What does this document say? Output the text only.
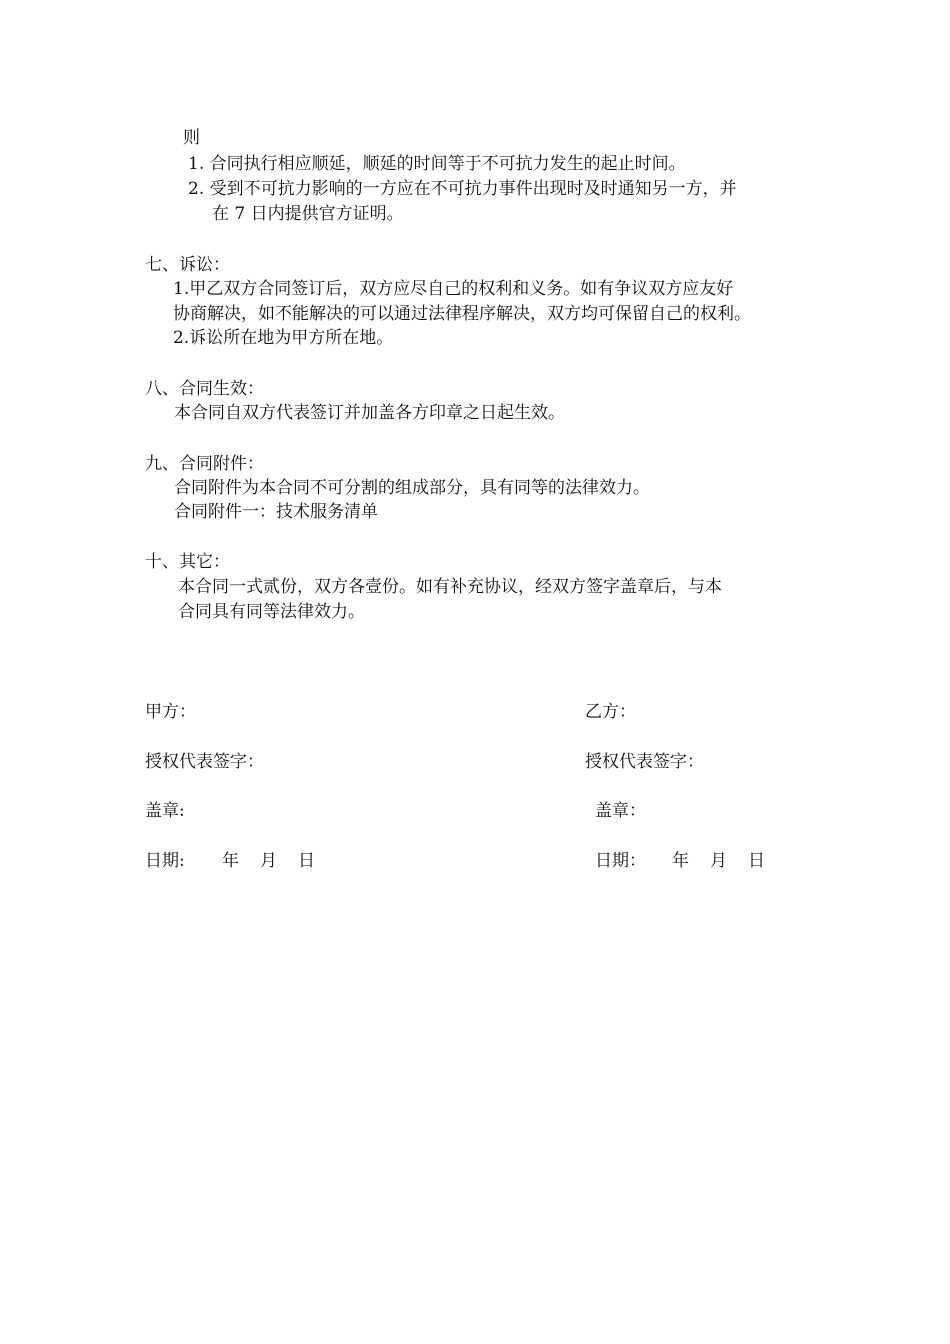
则
1. 合同执行相应顺延，顺延的时间等于不可抗力发生的起止时间。
2. 受到不可抗力影响的一方应在不可抗力事件出现时及时通知另一方，并
在 7 日内提供官方证明。
七、诉讼：
1.甲乙双方合同签订后，双方应尽自己的权利和义务。如有争议双方应友好
协商解决，如不能解决的可以通过法律程序解决，双方均可保留自己的权利。
2.诉讼所在地为甲方所在地。
八、合同生效：
本合同自双方代表签订并加盖各方印章之日起生效。
九、合同附件：
合同附件为本合同不可分割的组成部分，具有同等的法律效力。
合同附件一：技术服务清单
十、其它：
本合同一式贰份，双方各壹份。如有补充协议，经双方签字盖章后，与本
合同具有同等法律效力。
甲方：
授权代表签字：
盖章:
日期: 年 月 日
乙方：
授权代表签字：
盖章：
日期： 年 月 日
